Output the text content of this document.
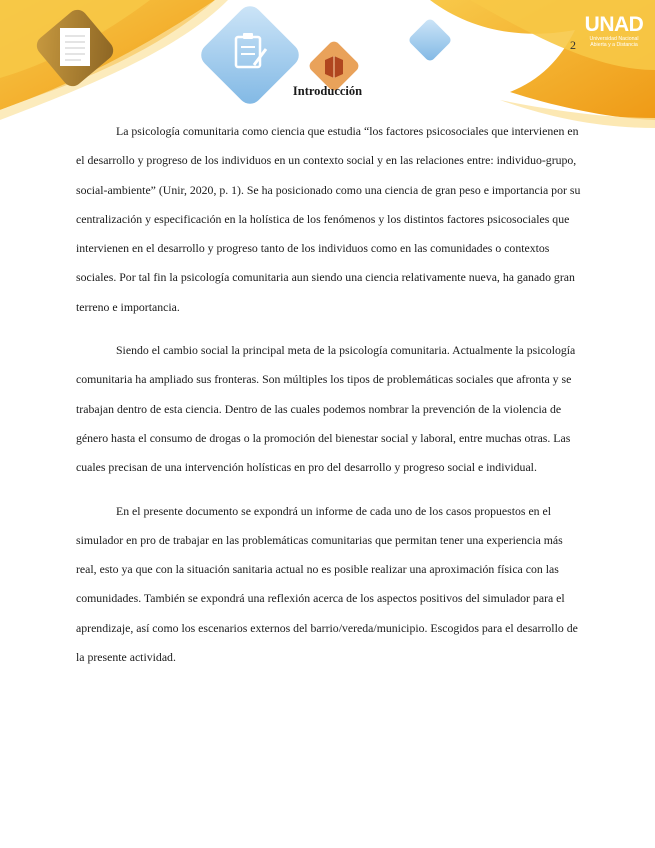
UNAD
Universidad Nacional
Abierta y a Distancia
2
Introducción

La psicología comunitaria como ciencia que estudia “los factores psicosociales que intervienen en el desarrollo y progreso de los individuos en un contexto social y en las relaciones entre: individuo-grupo, social-ambiente” (Unir, 2020, p. 1). Se ha posicionado como una ciencia de gran peso e importancia por su centralización y especificación en la holística de los fenómenos y los distintos factores psicosociales que intervienen en el desarrollo y progreso tanto de los individuos como en las comunidades o contextos sociales. Por tal fin la psicología comunitaria aun siendo una ciencia relativamente nueva, ha ganado gran terreno e importancia.

Siendo el cambio social la principal meta de la psicología comunitaria. Actualmente la psicología comunitaria ha ampliado sus fronteras. Son múltiples los tipos de problemáticas sociales que afronta y se trabajan dentro de esta ciencia. Dentro de las cuales podemos nombrar la prevención de la violencia de género hasta el consumo de drogas o la promoción del bienestar social y laboral, entre muchas otras. Las cuales precisan de una intervención holísticas en pro del desarrollo y progreso social e individual.

En el presente documento se expondrá un informe de cada uno de los casos propuestos en el simulador en pro de trabajar en las problemáticas comunitarias que permitan tener una experiencia más real, esto ya que con la situación sanitaria actual no es posible realizar una aproximación física con las comunidades. También se expondrá una reflexión acerca de los aspectos positivos del simulador para el aprendizaje, así como los escenarios externos del barrio/vereda/municipio. Escogidos para el desarrollo de la presente actividad.
